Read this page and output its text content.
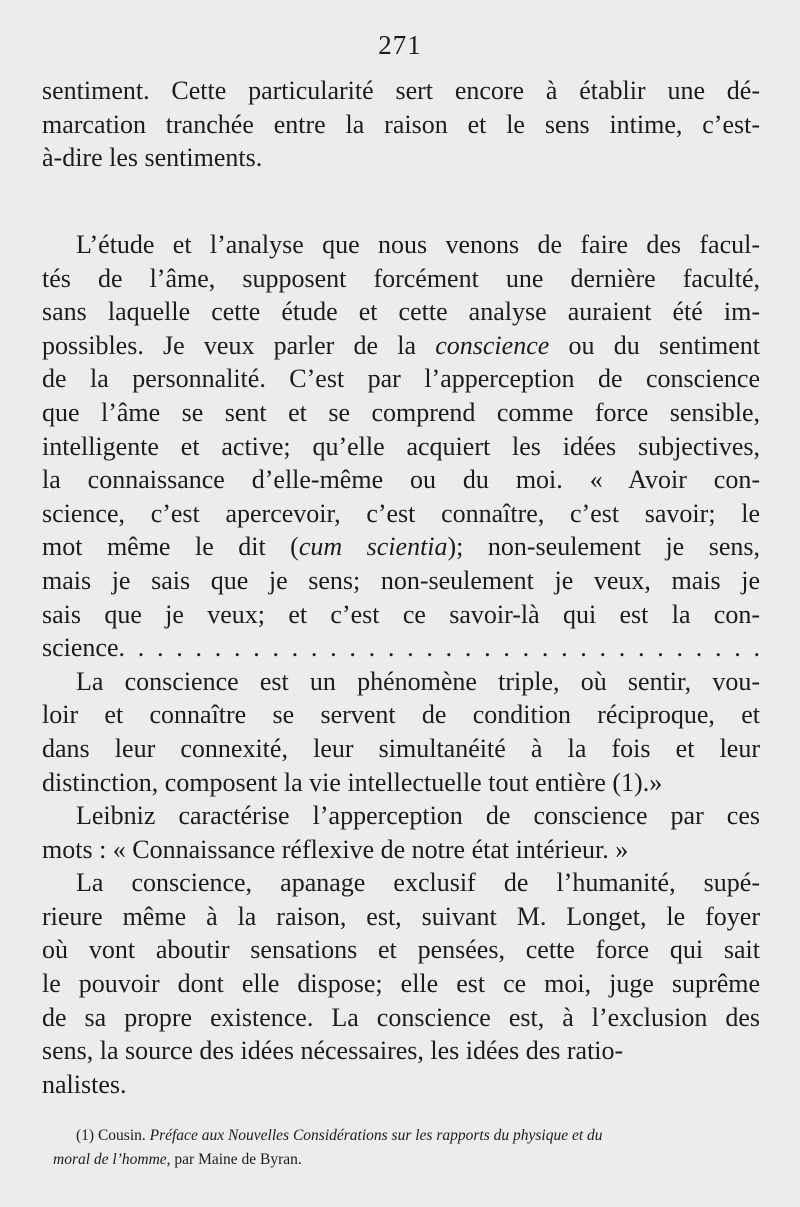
271
sentiment. Cette particularité sert encore à établir une dé-
marcation tranchée entre la raison et le sens intime, c’est-
à-dire les sentiments.
L’étude et l’analyse que nous venons de faire des facul-
tés de l’âme, supposent forcément une dernière faculté,
sans laquelle cette étude et cette analyse auraient été im-
possibles. Je veux parler de la conscience ou du sentiment
de la personnalité. C’est par l’apperception de conscience
que l’âme se sent et se comprend comme force sensible,
intelligente et active; qu’elle acquiert les idées subjectives,
la connaissance d’elle-même ou du moi. « Avoir con-
science, c’est apercevoir, c’est connaître, c’est savoir; le
mot même le dit (cum scientia); non-seulement je sens,
mais je sais que je sens; non-seulement je veux, mais je
sais que je veux; et c’est ce savoir-là qui est la con-
science. . . . . . . . . . . . . . . . . . . . . . . . . . . . . . . . . .
La conscience est un phénomène triple, où sentir, vou-
loir et connaître se servent de condition réciproque, et
dans leur connexité, leur simultanéité à la fois et leur
distinction, composent la vie intellectuelle tout entière (1).»
Leibniz caractérise l’apperception de conscience par ces
mots : « Connaissance réflexive de notre état intérieur. »
La conscience, apanage exclusif de l’humanité, supé-
rieure même à la raison, est, suivant M. Longet, le foyer
où vont aboutir sensations et pensées, cette force qui sait
le pouvoir dont elle dispose; elle est ce moi, juge suprême
de sa propre existence. La conscience est, à l’exclusion des
sens, la source des idées nécessaires, les idées des ratio-
nalistes.
(1) Cousin. Préface aux Nouvelles Considérations sur les rapports du physique et du
moral de l’homme, par Maine de Byran.
